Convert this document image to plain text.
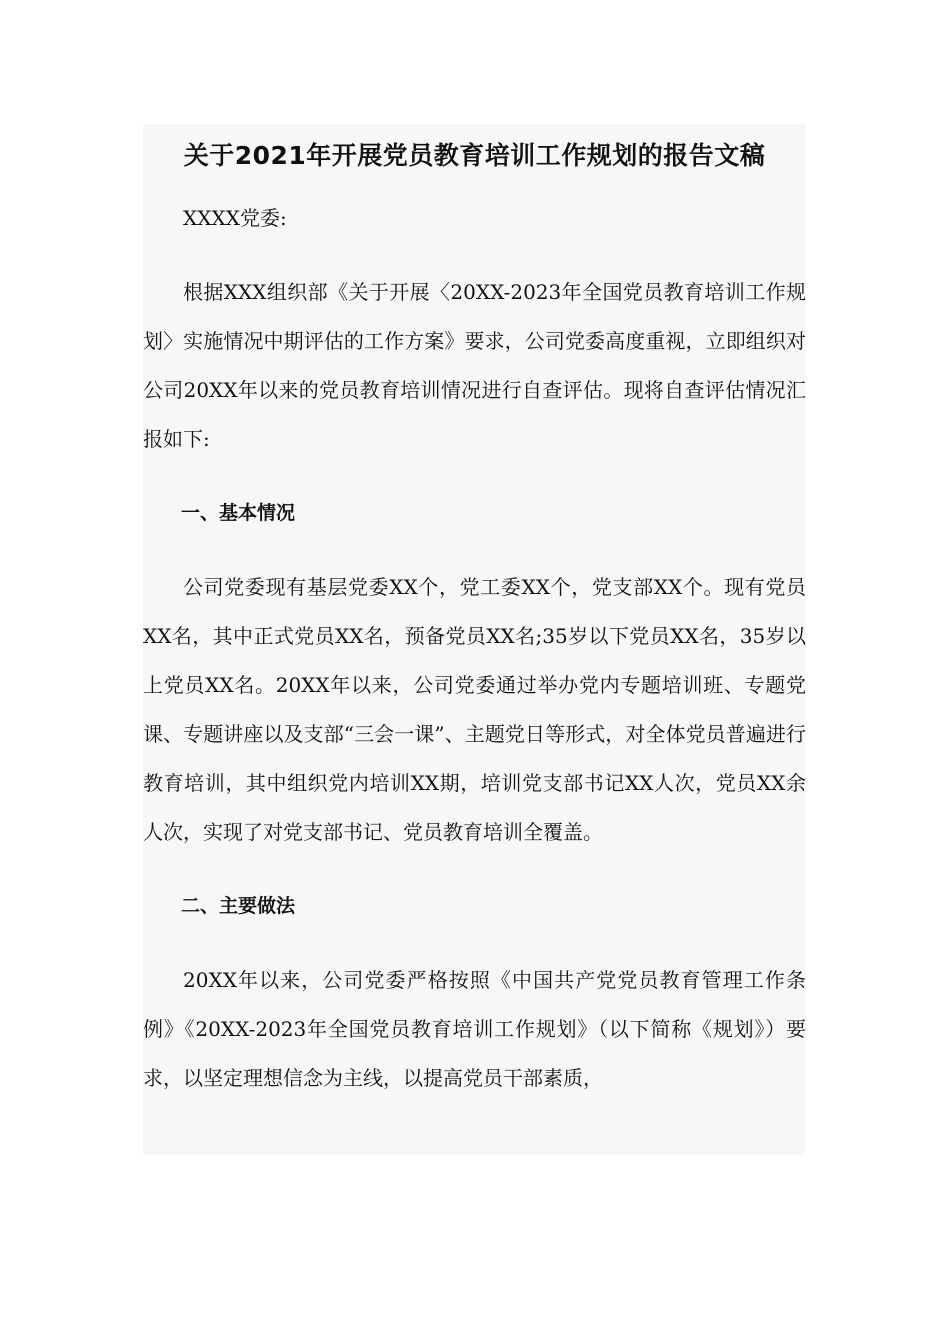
关于2021年开展党员教育培训工作规划的报告文稿

XXXX党委:

根据XXX组织部《关于开展〈20XX-2023年全国党员教育培训工作规划〉实施情况中期评估的工作方案》要求，公司党委高度重视，立即组织对公司20XX年以来的党员教育培训情况进行自查评估。现将自查评估情况汇报如下:

一、基本情况

公司党委现有基层党委XX个，党工委XX个，党支部XX个。现有党员XX名，其中正式党员XX名，预备党员XX名;35岁以下党员XX名，35岁以上党员XX名。20XX年以来，公司党委通过举办党内专题培训班、专题党课、专题讲座以及支部“三会一课”、主题党日等形式，对全体党员普遍进行教育培训，其中组织党内培训XX期，培训党支部书记XX人次，党员XX余人次，实现了对党支部书记、党员教育培训全覆盖。

二、主要做法

20XX年以来，公司党委严格按照《中国共产党党员教育管理工作条例》《20XX-2023年全国党员教育培训工作规划》（以下简称《规划》）要求，以坚定理想信念为主线，以提高党员干部素质，
